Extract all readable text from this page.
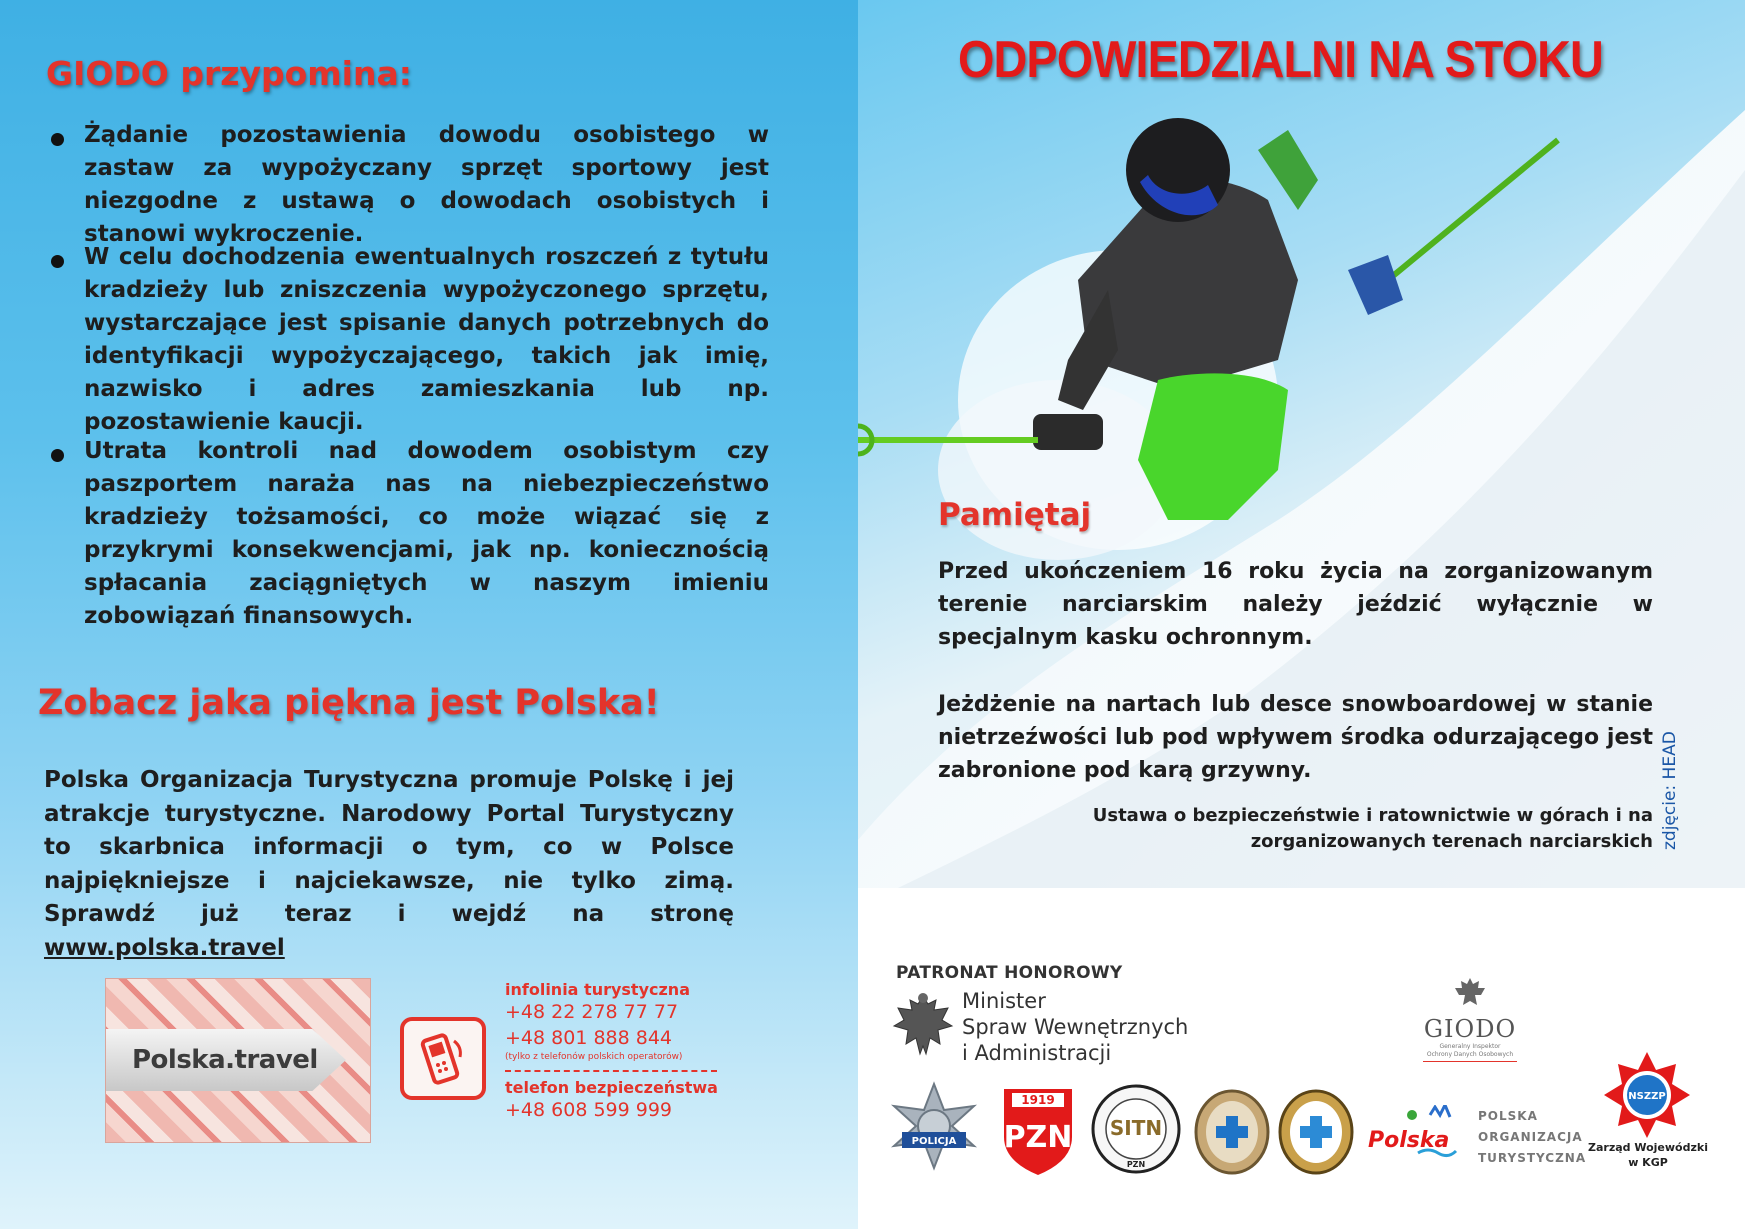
GIODO przypomina:
Żądanie pozostawienia dowodu osobistego w zastaw za wypożyczany sprzęt sportowy jest niezgodne z ustawą o dowodach osobistych i stanowi wykroczenie.
W celu dochodzenia ewentualnych roszczeń z tytułu kradzieży lub zniszczenia wypożyczonego sprzętu, wystarczające jest spisanie danych potrzebnych do identyfikacji wypożyczającego, takich jak imię, nazwisko i adres zamieszkania lub np. pozostawienie kaucji.
Utrata kontroli nad dowodem osobistym czy paszportem naraża nas na niebezpieczeństwo kradzieży tożsamości, co może wiązać się z przykrymi konsekwencjami, jak np. koniecznością spłacania zaciągniętych w naszym imieniu zobowiązań finansowych.
Zobacz jaka piękna jest Polska!
Polska Organizacja Turystyczna promuje Polskę i jej atrakcje turystyczne. Narodowy Portal Turystyczny to skarbnica informacji o tym, co w Polsce najpiękniejsze i najciekawsze, nie tylko zimą. Sprawdź już teraz i wejdź na stronę www.polska.travel
Polska.travel
infolinia turystyczna
+48 22 278 77 77
+48 801 888 844
(tylko z telefonów polskich operatorów)
telefon bezpieczeństwa
+48 608 599 999
ODPOWIEDZIALNI NA STOKU
Pamiętaj
Przed ukończeniem 16 roku życia na zorganizowanym terenie narciarskim należy jeździć wyłącznie w specjalnym kasku ochronnym.
Jeżdżenie na nartach lub desce snowboardowej w stanie nietrzeźwości lub pod wpływem środka odurzającego jest zabronione pod karą grzywny.
Ustawa o bezpieczeństwie i ratownictwie w górach i na
zorganizowanych terenach narciarskich zdjęcie: HEAD
PATRONAT HONOROWY
Minister
Spraw Wewnętrznych
i Administracji
GIODO
Generalny Inspektor
Ochrony Danych Osobowych
POLICJA
1919
PZN SITN
PZN
Polska
POLSKA
ORGANIZACJA
TURYSTYCZNA
NSZZP
Zarząd Wojewódzki
w KGP
